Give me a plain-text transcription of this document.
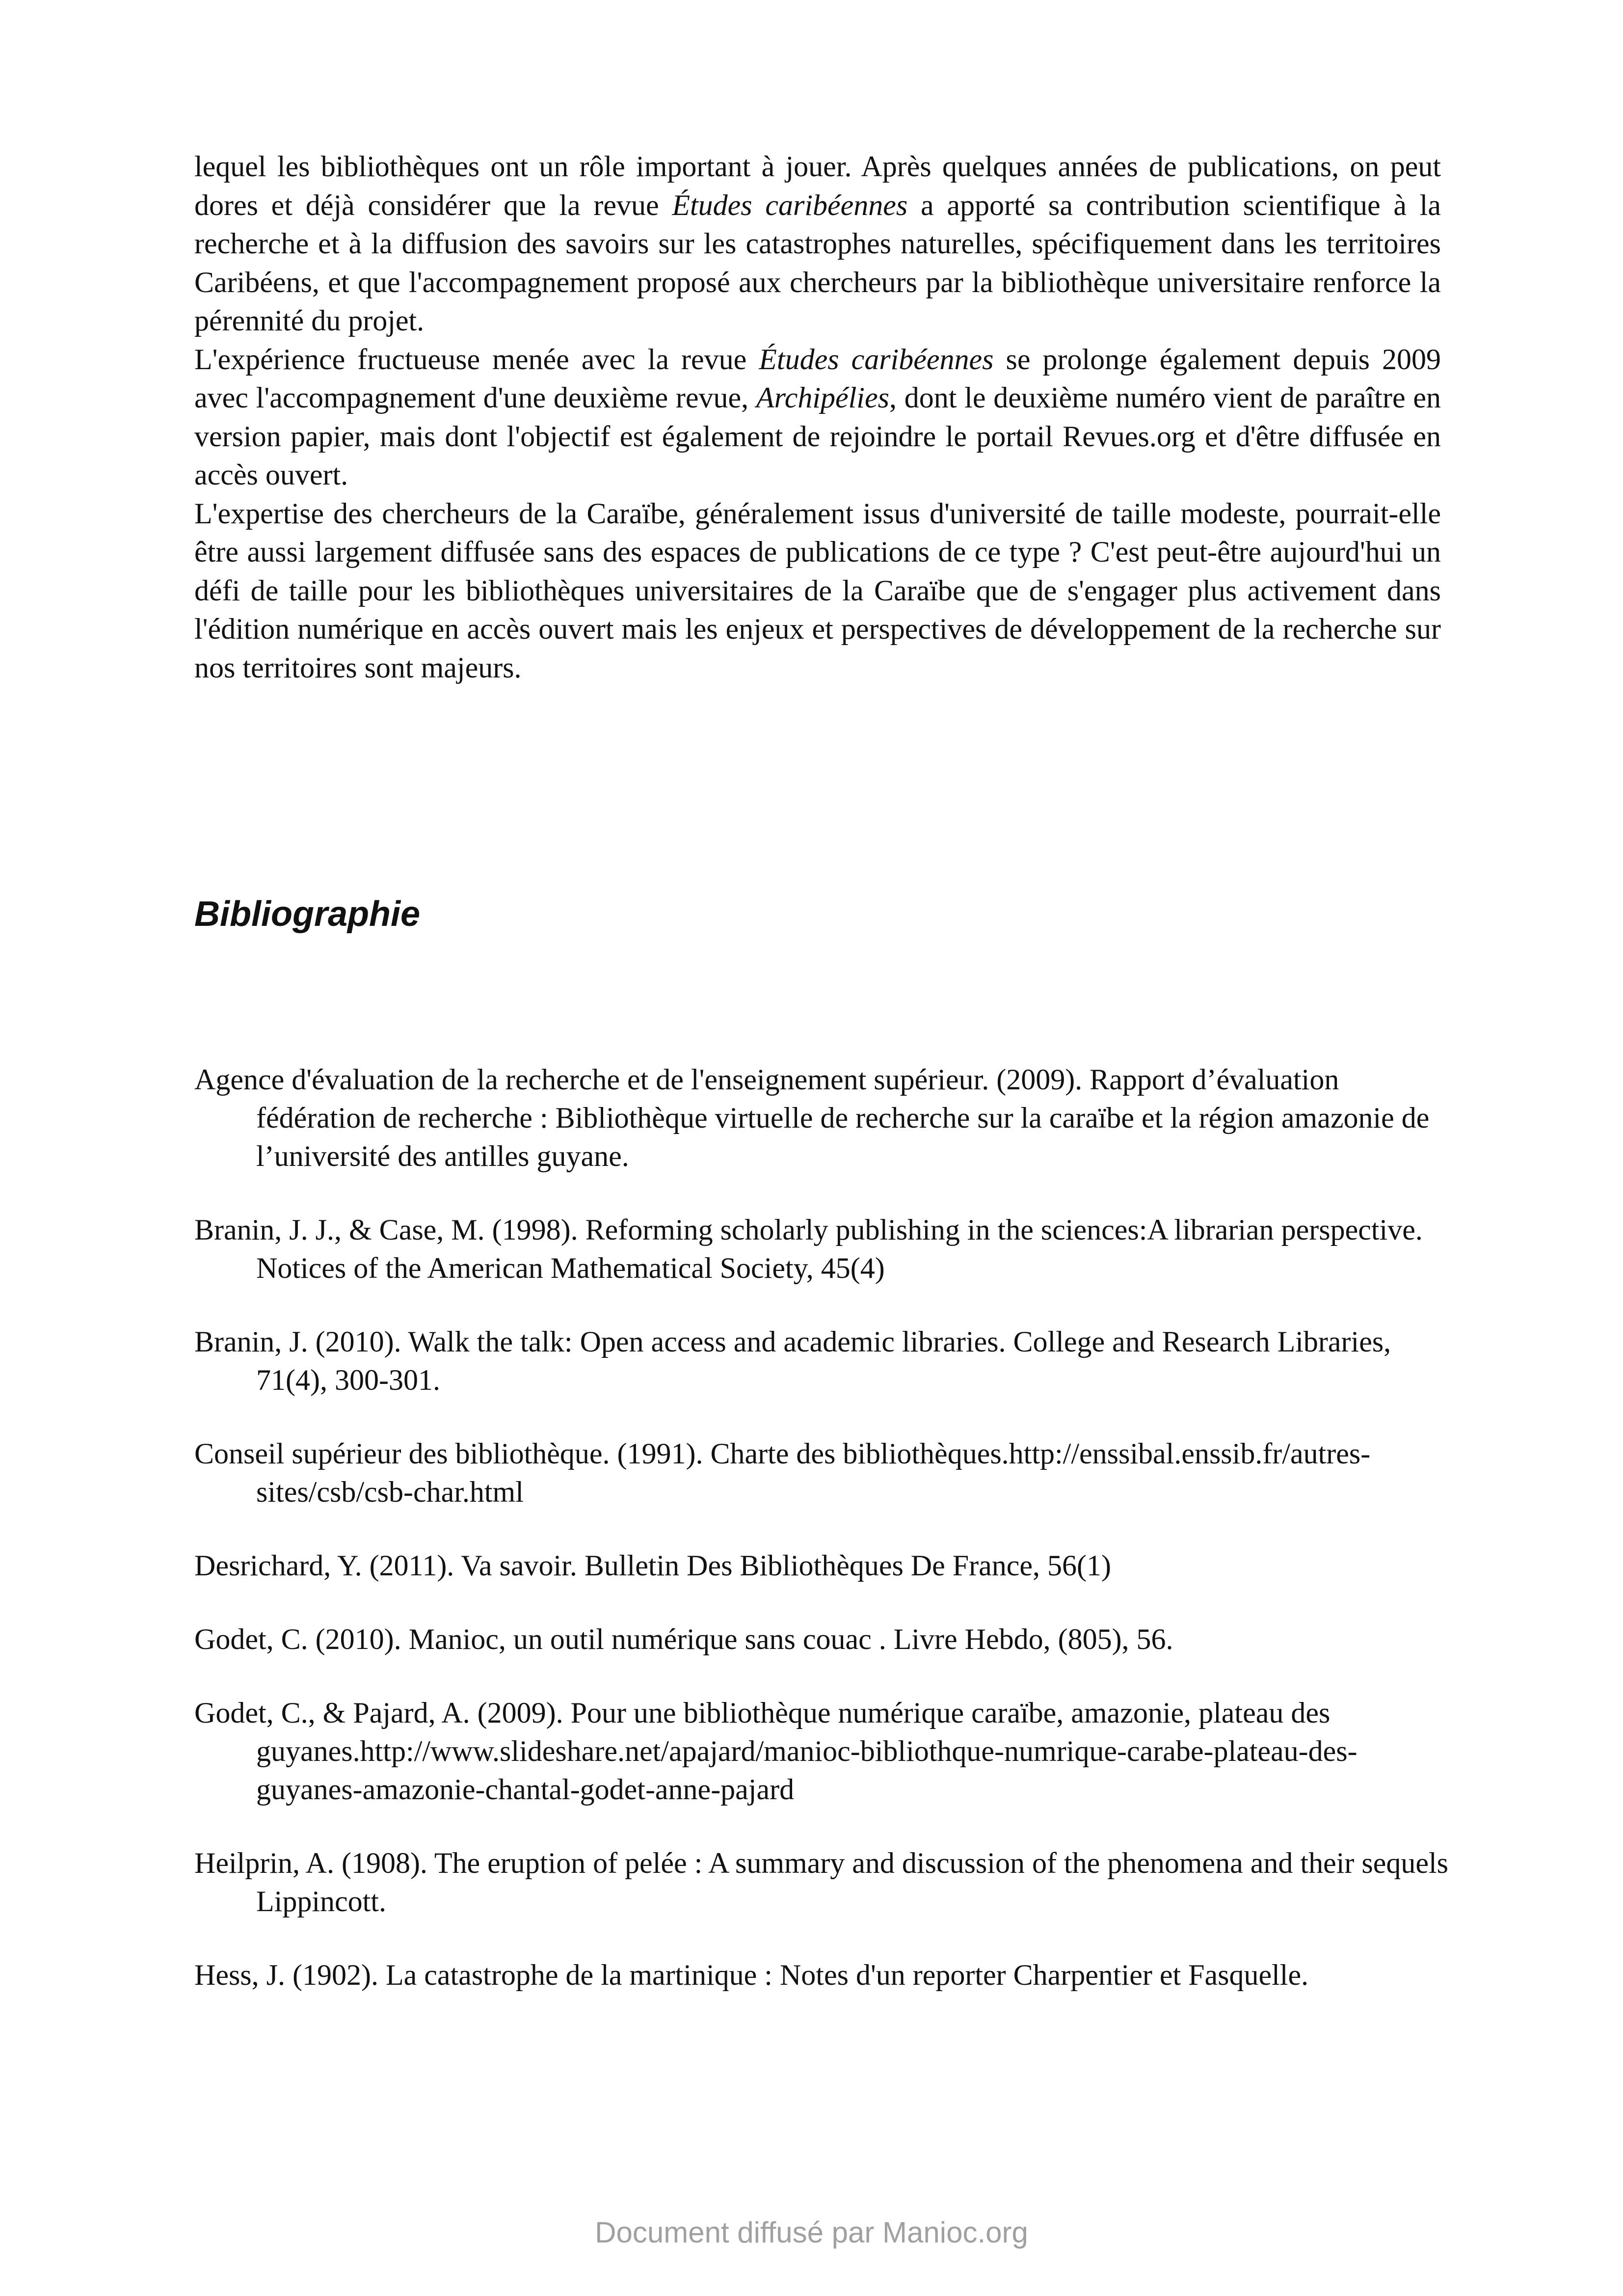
lequel les bibliothèques ont un rôle important à jouer. Après quelques années de publications, on peut dores et déjà considérer que la revue Études caribéennes a apporté sa contribution scientifique à la recherche et à la diffusion des savoirs sur les catastrophes naturelles, spécifiquement dans les territoires Caribéens, et que l'accompagnement proposé aux chercheurs par la bibliothèque universitaire renforce la pérennité du projet.

L'expérience fructueuse menée avec la revue Études caribéennes se prolonge également depuis 2009 avec l'accompagnement d'une deuxième revue, Archipélies, dont le deuxième numéro vient de paraître en version papier, mais dont l'objectif est également de rejoindre le portail Revues.org et d'être diffusée en accès ouvert.

L'expertise des chercheurs de la Caraïbe, généralement issus d'université de taille modeste, pourrait-elle être aussi largement diffusée sans des espaces de publications de ce type ? C'est peut-être aujourd'hui un défi de taille pour les bibliothèques universitaires de la Caraïbe que de s'engager plus activement dans l'édition numérique en accès ouvert mais les enjeux et perspectives de développement de la recherche sur nos territoires sont majeurs.

Bibliographie
Agence d'évaluation de la recherche et de l'enseignement supérieur. (2009). Rapport d’évaluation fédération de recherche : Bibliothèque virtuelle de recherche sur la caraïbe et la région amazonie de l’université des antilles guyane.
Branin, J. J., & Case, M. (1998). Reforming scholarly publishing in the sciences:A librarian perspective. Notices of the American Mathematical Society, 45(4)
Branin, J. (2010). Walk the talk: Open access and academic libraries. College and Research Libraries, 71(4), 300-301.
Conseil supérieur des bibliothèque. (1991). Charte des bibliothèques.http://enssibal.enssib.fr/autres-sites/csb/csb-char.html
Desrichard, Y. (2011). Va savoir. Bulletin Des Bibliothèques De France, 56(1)
Godet, C. (2010). Manioc, un outil numérique sans couac . Livre Hebdo, (805), 56.
Godet, C., & Pajard, A. (2009). Pour une bibliothèque numérique caraïbe, amazonie, plateau des guyanes.http://www.slideshare.net/apajard/manioc-bibliothque-numrique-carabe-plateau-des-guyanes-amazonie-chantal-godet-anne-pajard
Heilprin, A. (1908). The eruption of pelée : A summary and discussion of the phenomena and their sequels Lippincott.
Hess, J. (1902). La catastrophe de la martinique : Notes d'un reporter Charpentier et Fasquelle.
Document diffusé par Manioc.org
